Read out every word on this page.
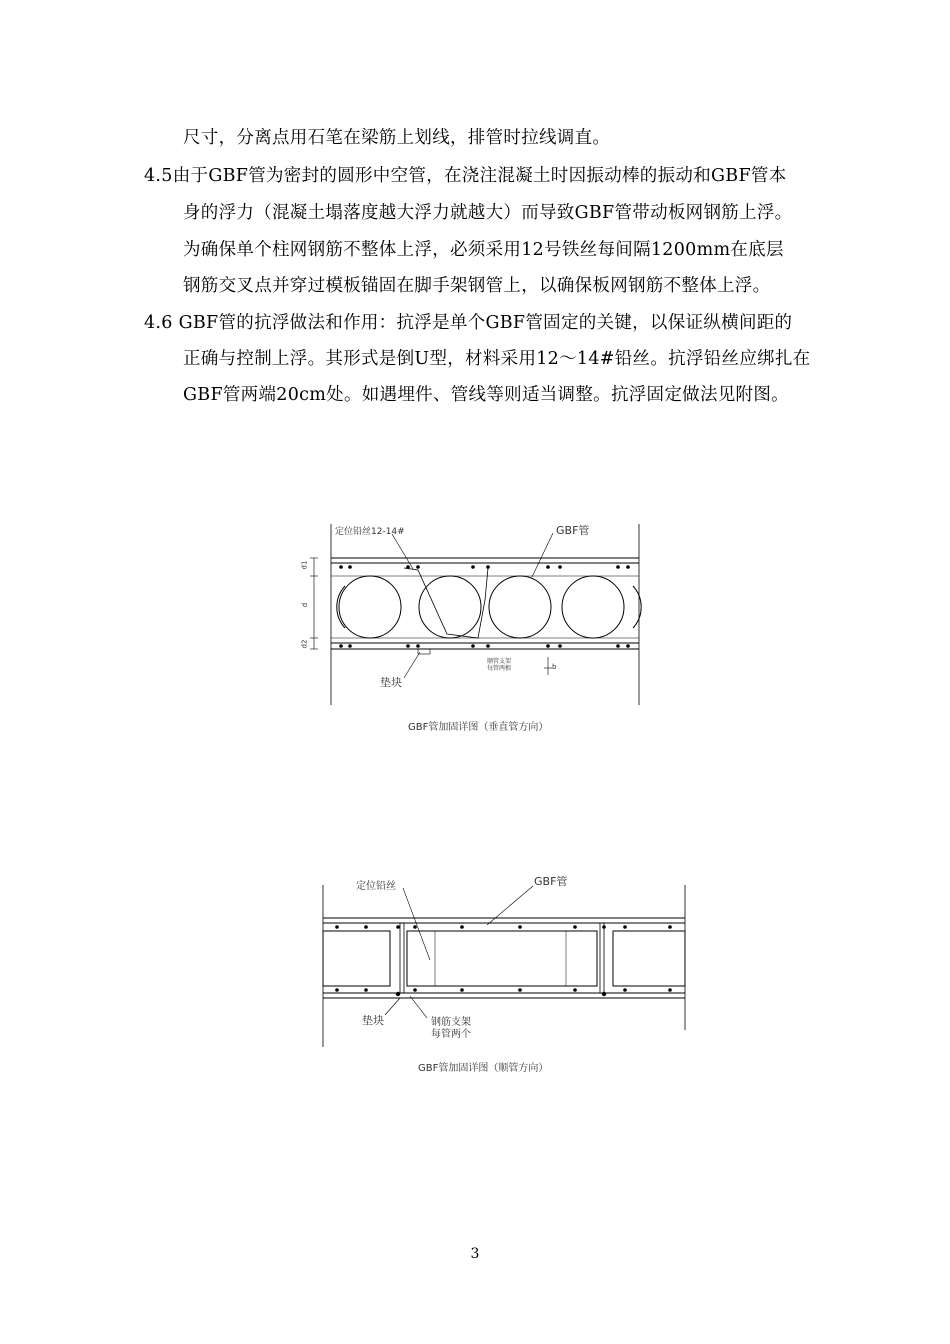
尺寸，分离点用石笔在梁筋上划线，排管时拉线调直。
4.5由于GBF管为密封的圆形中空管，在浇注混凝土时因振动棒的振动和GBF管本
身的浮力（混凝土塌落度越大浮力就越大）而导致GBF管带动板网钢筋上浮。
为确保单个柱网钢筋不整体上浮，必须采用12号铁丝每间隔1200mm在底层
钢筋交叉点并穿过模板锚固在脚手架钢管上，以确保板网钢筋不整体上浮。
4.6 GBF管的抗浮做法和作用：抗浮是单个GBF管固定的关键，以保证纵横间距的
正确与控制上浮。其形式是倒U型，材料采用12～14#铅丝。抗浮铅丝应绑扎在
GBF管两端20cm处。如遇埋件、管线等则适当调整。抗浮固定做法见附图。
定位铅丝12-14#	GBF管
d1
d
d2
垫块
顺管支架
每管两根	b
GBF管加固详图（垂直管方向）
定位铅丝	GBF管
垫块	钢筋支架
每管两个
GBF管加固详图（顺管方向）
3
